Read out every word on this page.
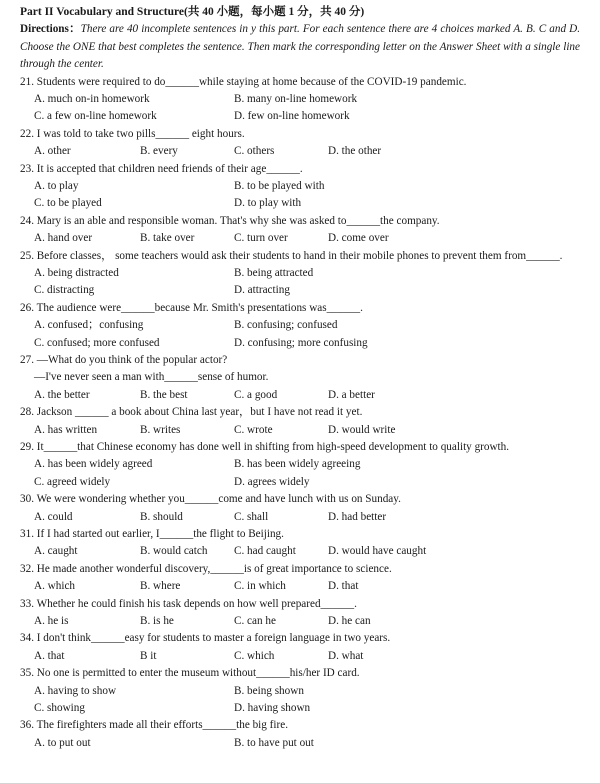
Part II Vocabulary and Structure(共 40 小题，每小题 1 分，共 40 分)
Directions：There are 40 incomplete sentences in y this part. For each sentence there are 4 choices marked A. B. C and D. Choose the ONE that best completes the sentence. Then mark the corresponding letter on the Answer Sheet with a single line through the center.
21. Students were required to do______while staying at home because of the COVID-19 pandemic.
A. much on-in homework	B. many on-line homework
C. a few on-line homework	D. few on-line homework
22. I was told to take two pills______ eight hours.
A. other	B. every	C. others	D. the other
23. It is accepted that children need friends of their age______.
A. to play	B. to be played with
C. to be played	D. to play with
24. Mary is an able and responsible woman. That's why she was asked to______the company.
A. hand over	B. take over	C. turn over	D. come over
25. Before classes， some teachers would ask their students to hand in their mobile phones to prevent them from______.
A. being distracted	B. being attracted
C. distracting	D. attracting
26. The audience were______because Mr. Smith's presentations was______.
A. confused；confusing	B. confusing; confused
C. confused; more confused	D. confusing; more confusing
27. —What do you think of the popular actor?
—I've never seen a man with______sense of humor.
A. the better	B. the best	C. a good	D. a better
28. Jackson ______ a book about China last year，but I have not read it yet.
A. has written	B. writes	C. wrote	D. would write
29. It______that Chinese economy has done well in shifting from high-speed development to quality growth.
A. has been widely agreed	B. has been widely agreeing
C. agreed widely	D. agrees widely
30. We were wondering whether you______come and have lunch with us on Sunday.
A. could	B. should	C. shall	D. had better
31. If I had started out earlier, I______the flight to Beijing.
A. caught	B. would catch C. had caught	D. would have caught
32. He made another wonderful discovery,______is of great importance to science.
A. which	B. where	C. in which	D. that
33. Whether he could finish his task depends on how well prepared______.
A. he is	B. is he	C. can he	D. he can
34. I don't think______easy for students to master a foreign language in two years.
A. that	B it	C. which	D. what
35. No one is permitted to enter the museum without______his/her ID card.
A. having to show	B. being shown
C. showing	D. having shown
36. The firefighters made all their efforts______the big fire.
A. to put out	B. to have put out
